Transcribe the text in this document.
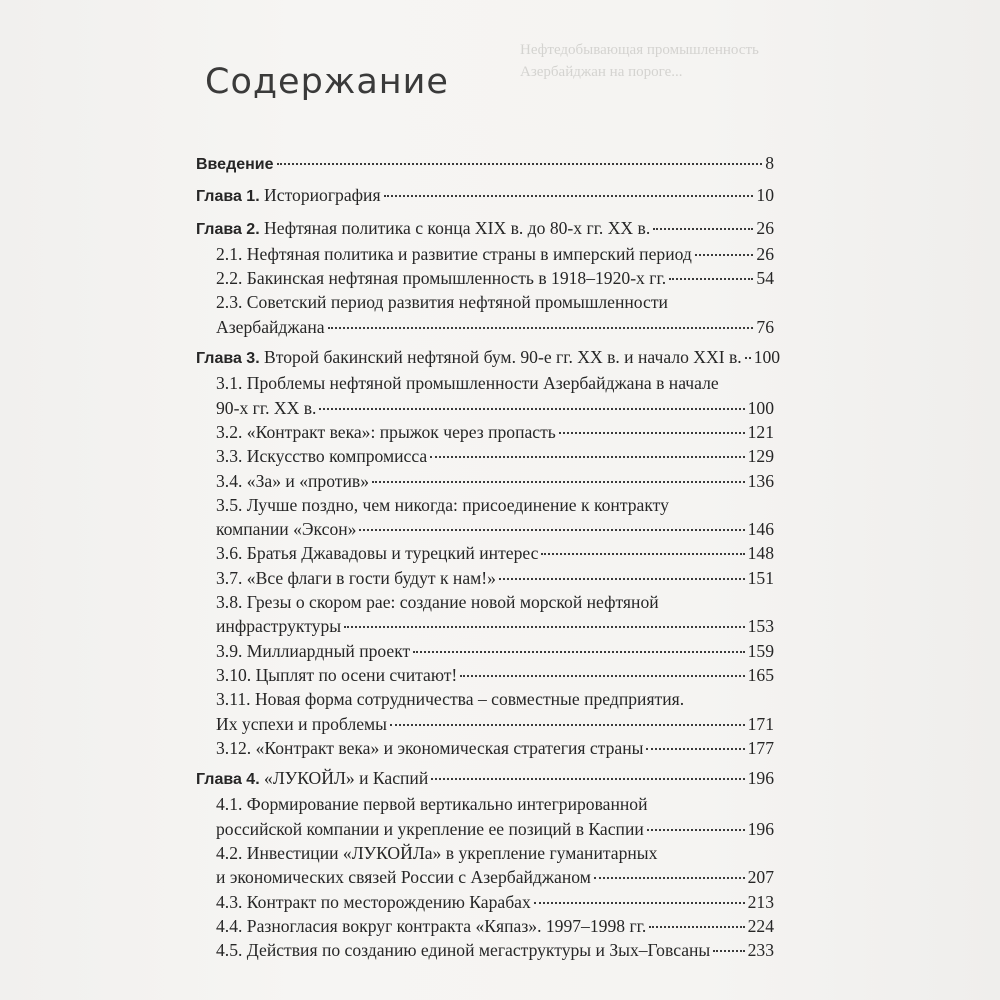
Нефтедобывающая промышленность
Азербайджан на пороге...
Содержание
Введение	8
Глава 1. Историография	10
Глава 2. Нефтяная политика с конца XIX в. до 80-х гг. XX в.	26
2.1. Нефтяная политика и развитие страны в имперский период	26
2.2. Бакинская нефтяная промышленность в 1918–1920-х гг.	54
2.3. Советский период развития нефтяной промышленности
Азербайджана	76
Глава 3. Второй бакинский нефтяной бум. 90-е гг. XX в. и начало XXI в. 100
3.1. Проблемы нефтяной промышленности Азербайджана в начале
90-х гг. XX в.	100
3.2. «Контракт века»: прыжок через пропасть	121
3.3. Искусство компромисса	129
3.4. «За» и «против»	136
3.5. Лучше поздно, чем никогда: присоединение к контракту
компании «Эксон»	146
3.6. Братья Джавадовы и турецкий интерес	148
3.7. «Все флаги в гости будут к нам!»	151
3.8. Грезы о скором рае: создание новой морской нефтяной
инфраструктуры	153
3.9. Миллиардный проект	159
3.10. Цыплят по осени считают!	165
3.11. Новая форма сотрудничества – совместные предприятия.
Их успехи и проблемы	171
3.12. «Контракт века» и экономическая стратегия страны	177
Глава 4. «ЛУКОЙЛ» и Каспий	196
4.1. Формирование первой вертикально интегрированной
российской компании и укрепление ее позиций в Каспии	196
4.2. Инвестиции «ЛУКОЙЛа» в укрепление гуманитарных
и экономических связей России с Азербайджаном	207
4.3. Контракт по месторождению Карабах	213
4.4. Разногласия вокруг контракта «Кяпаз». 1997–1998 гг.	224
4.5. Действия по созданию единой мегаструктуры и Зых–Говсаны 233
